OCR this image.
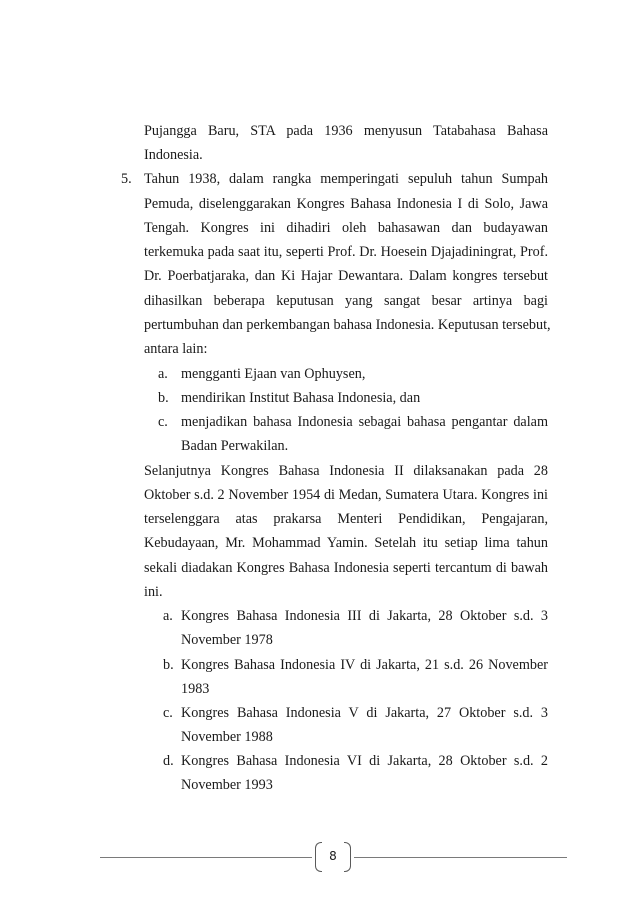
Pujangga Baru, STA pada 1936 menyusun Tatabahasa Bahasa
Indonesia.
5. Tahun 1938, dalam rangka memperingati sepuluh tahun Sumpah
Pemuda, diselenggarakan Kongres Bahasa Indonesia I di Solo, Jawa
Tengah. Kongres ini dihadiri oleh bahasawan dan budayawan
terkemuka pada saat itu, seperti Prof. Dr. Hoesein Djajadiningrat, Prof.
Dr. Poerbatjaraka, dan Ki Hajar Dewantara. Dalam kongres tersebut
dihasilkan beberapa keputusan yang sangat besar artinya bagi
pertumbuhan dan perkembangan bahasa Indonesia. Keputusan tersebut,
antara lain:
a. mengganti Ejaan van Ophuysen,
b. mendirikan Institut Bahasa Indonesia, dan
c. menjadikan bahasa Indonesia sebagai bahasa pengantar dalam
Badan Perwakilan.
Selanjutnya Kongres Bahasa Indonesia II dilaksanakan pada 28
Oktober s.d. 2 November 1954 di Medan, Sumatera Utara. Kongres ini
terselenggara atas prakarsa Menteri Pendidikan, Pengajaran,
Kebudayaan, Mr. Mohammad Yamin. Setelah itu setiap lima tahun
sekali diadakan Kongres Bahasa Indonesia seperti tercantum di bawah
ini.
a. Kongres Bahasa Indonesia III di Jakarta, 28 Oktober s.d. 3
November 1978
b. Kongres Bahasa Indonesia IV di Jakarta, 21 s.d. 26 November
1983
c. Kongres Bahasa Indonesia V di Jakarta, 27 Oktober s.d. 3
November 1988
d. Kongres Bahasa Indonesia VI di Jakarta, 28 Oktober s.d. 2
November 1993
8
